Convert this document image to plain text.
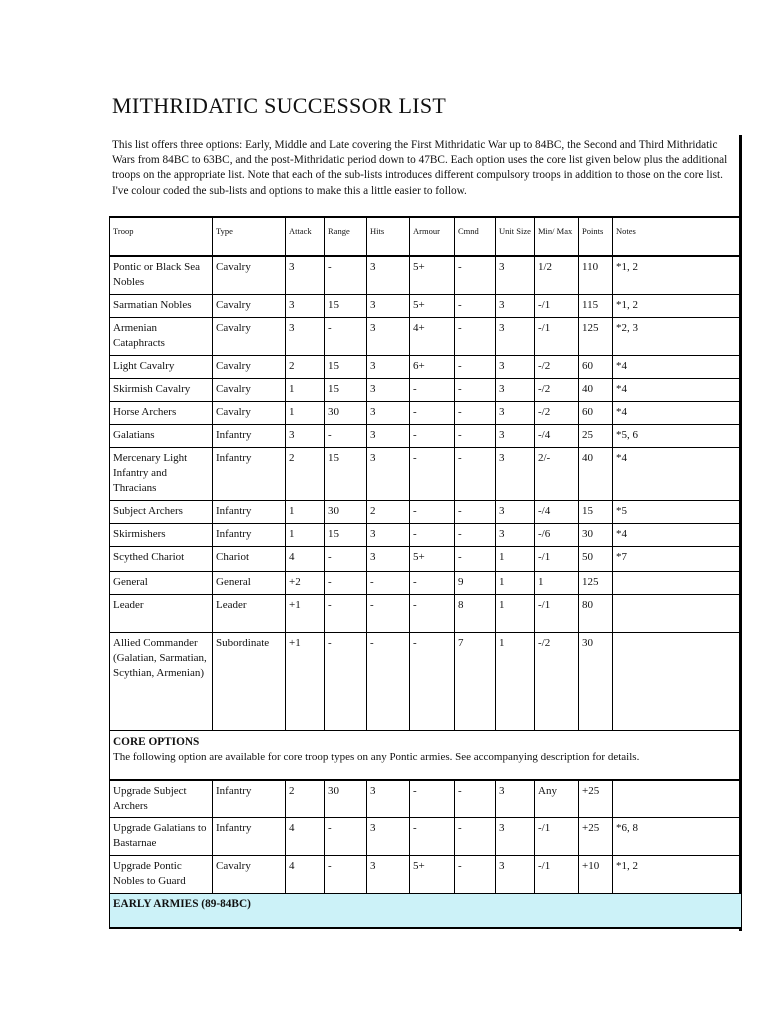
MITHRIDATIC SUCCESSOR LIST

This list offers three options: Early, Middle and Late covering the First Mithridatic War up to 84BC, the Second and Third Mithridatic Wars from 84BC to 63BC, and the post-Mithridatic period down to 47BC. Each option uses the core list given below plus the additional troops on the appropriate list. Note that each of the sub-lists introduces different compulsory troops in addition to those on the core list. I've colour coded the sub-lists and options to make this a little easier to follow.

Troop	Type	Attack	Range	Hits	Armour	Cmnd	Unit Size	Min/ Max	Points	Notes
Pontic or Black Sea Nobles	Cavalry	3	-	3	5+	-	3	1/2	110	*1, 2
Sarmatian Nobles	Cavalry	3	15	3	5+	-	3	-/1	115	*1, 2
Armenian Cataphracts	Cavalry	3	-	3	4+	-	3	-/1	125	*2, 3
Light Cavalry	Cavalry	2	15	3	6+	-	3	-/2	60	*4
Skirmish Cavalry	Cavalry	1	15	3	-	-	3	-/2	40	*4
Horse Archers	Cavalry	1	30	3	-	-	3	-/2	60	*4
Galatians	Infantry	3	-	3	-	-	3	-/4	25	*5, 6
Mercenary Light Infantry and Thracians	Infantry	2	15	3	-	-	3	2/-	40	*4
Subject Archers	Infantry	1	30	2	-	-	3	-/4	15	*5
Skirmishers	Infantry	1	15	3	-	-	3	-/6	30	*4
Scythed Chariot	Chariot	4	-	3	5+	-	1	-/1	50	*7
General	General	+2	-	-	-	9	1	1	125	
Leader	Leader	+1	-	-	-	8	1	-/1	80	
Allied Commander (Galatian, Sarmatian, Scythian, Armenian)	Subordinate	+1	-	-	-	7	1	-/2	30	

CORE OPTIONS
The following option are available for core troop types on any Pontic armies. See accompanying description for details.										

Upgrade Subject Archers	Infantry	2	30	3	-	-	3	Any	+25	
Upgrade Galatians to Bastarnae	Infantry	4	-	3	-	-	3	-/1	+25	*6, 8
Upgrade Pontic Nobles to Guard	Cavalry	4	-	3	5+	-	3	-/1	+10	*1, 2
EARLY ARMIES (89-84BC)										
